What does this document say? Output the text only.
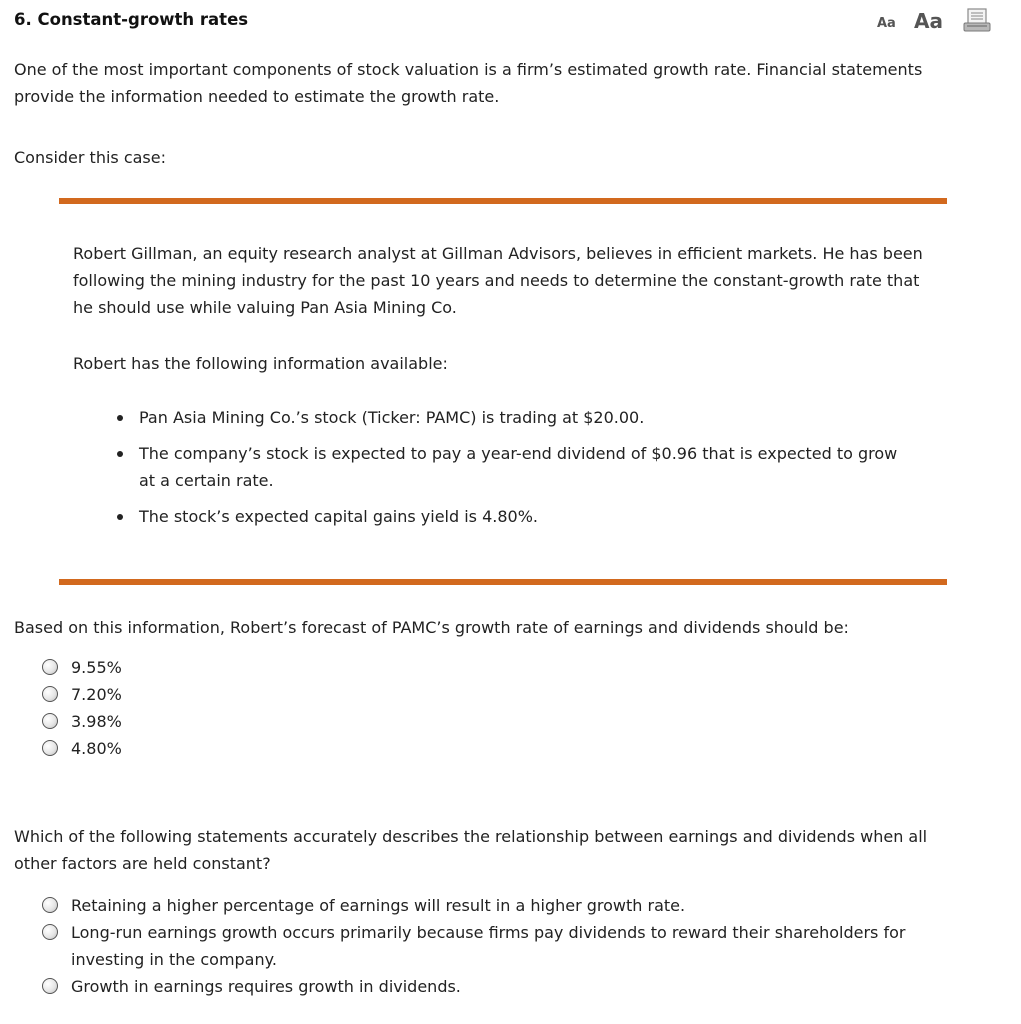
6. Constant-growth rates	Aa Aa

One of the most important components of stock valuation is a firm’s estimated growth rate. Financial statements provide the information needed to estimate the growth rate.

Consider this case:

Robert Gillman, an equity research analyst at Gillman Advisors, believes in efficient markets. He has been following the mining industry for the past 10 years and needs to determine the constant-growth rate that he should use while valuing Pan Asia Mining Co.

Robert has the following information available:

Pan Asia Mining Co.’s stock (Ticker: PAMC) is trading at $20.00.
The company’s stock is expected to pay a year-end dividend of $0.96 that is expected to grow at a certain rate.
The stock’s expected capital gains yield is 4.80%.

Based on this information, Robert’s forecast of PAMC’s growth rate of earnings and dividends should be:

9.55%
7.20%
3.98%
4.80%

Which of the following statements accurately describes the relationship between earnings and dividends when all other factors are held constant?

Retaining a higher percentage of earnings will result in a higher growth rate.
Long-run earnings growth occurs primarily because firms pay dividends to reward their shareholders for investing in the company.
Growth in earnings requires growth in dividends.
